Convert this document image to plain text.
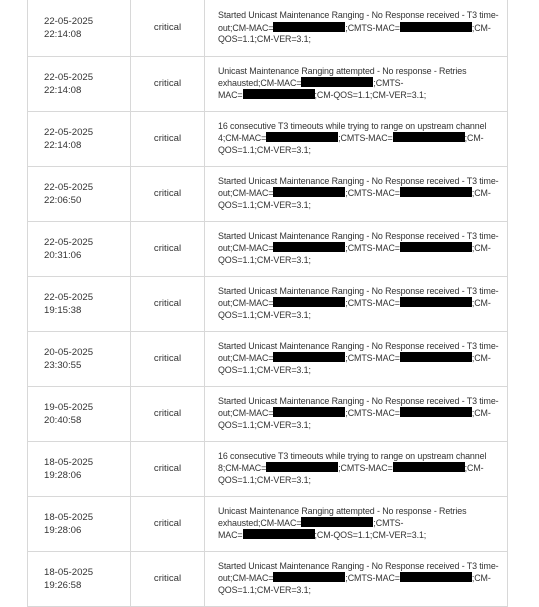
22-05-2025
22:14:08	critical	Started Unicast Maintenance Ranging - No Response received - T3 time-
out;CM-MAC= ;CMTS-MAC= ;CM-
QOS=1.1;CM-VER=3.1;

22-05-2025
22:14:08	critical	Unicast Maintenance Ranging attempted - No response - Retries
exhausted;CM-MAC= ;CMTS-
MAC= ;CM-QOS=1.1;CM-VER=3.1;

22-05-2025
22:14:08	critical	16 consecutive T3 timeouts while trying to range on upstream channel
4;CM-MAC= ;CMTS-MAC= ;CM-
QOS=1.1;CM-VER=3.1;

22-05-2025
22:06:50	critical	Started Unicast Maintenance Ranging - No Response received - T3 time-
out;CM-MAC= ;CMTS-MAC= ;CM-
QOS=1.1;CM-VER=3.1;

22-05-2025
20:31:06	critical	Started Unicast Maintenance Ranging - No Response received - T3 time-
out;CM-MAC= ;CMTS-MAC= ;CM-
QOS=1.1;CM-VER=3.1;

22-05-2025
19:15:38	critical	Started Unicast Maintenance Ranging - No Response received - T3 time-
out;CM-MAC= ;CMTS-MAC= ;CM-
QOS=1.1;CM-VER=3.1;

20-05-2025
23:30:55	critical	Started Unicast Maintenance Ranging - No Response received - T3 time-
out;CM-MAC= ;CMTS-MAC= ;CM-
QOS=1.1;CM-VER=3.1;

19-05-2025
20:40:58	critical	Started Unicast Maintenance Ranging - No Response received - T3 time-
out;CM-MAC= ;CMTS-MAC= ;CM-
QOS=1.1;CM-VER=3.1;

18-05-2025
19:28:06	critical	16 consecutive T3 timeouts while trying to range on upstream channel
8;CM-MAC= ;CMTS-MAC= ;CM-
QOS=1.1;CM-VER=3.1;

18-05-2025
19:28:06	critical	Unicast Maintenance Ranging attempted - No response - Retries
exhausted;CM-MAC= ;CMTS-
MAC= ;CM-QOS=1.1;CM-VER=3.1;

18-05-2025
19:26:58	critical	Started Unicast Maintenance Ranging - No Response received - T3 time-
out;CM-MAC= ;CMTS-MAC= ;CM-
QOS=1.1;CM-VER=3.1;
